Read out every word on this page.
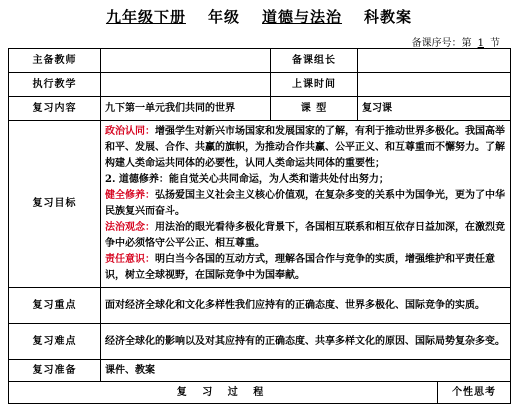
九年级下册 年级 道德与法治 科教案
备课序号：第 1 节
主备教师		备课组长		
执行教学		上课时间		
复习内容	九下第一单元我们共同的世界	课 型	复习课	
复习目标	政治认同：增强学生对新兴市场国家和发展国家的了解，有利于推动世界多极化。我国高举和平、发展、合作、共赢的旗帜，为推动合作共赢、公平正义、和互尊重而不懈努力。了解构建人类命运共同体的必要性，认同人类命运共同体的重要性；

2. 道德修养：能自觉关心共同命运，为人类和谐共处付出努力；

健全修养：弘扬爱国主义社会主义核心价值观，在复杂多变的关系中为国争光，更为了中华民族复兴而奋斗。

法治观念：用法治的眼光看待多极化背景下，各国相互联系和相互依存日益加深，在激烈竞争中必须恪守公平公正、相互尊重。

责任意识：明白当今各国的互动方式，理解各国合作与竞争的实质，增强维护和平责任意识，树立全球视野，在国际竞争中为国奉献。			

复习重点	面对经济全球化和文化多样性我们应持有的正确态度、世界多极化、国际竞争的实质。			
复习难点	经济全球化的影响以及对其应持有的正确态度、共享多样文化的原因、国际局势复杂多变。			
复习准备	课件、教案			
复 习 过 程				个性思考
